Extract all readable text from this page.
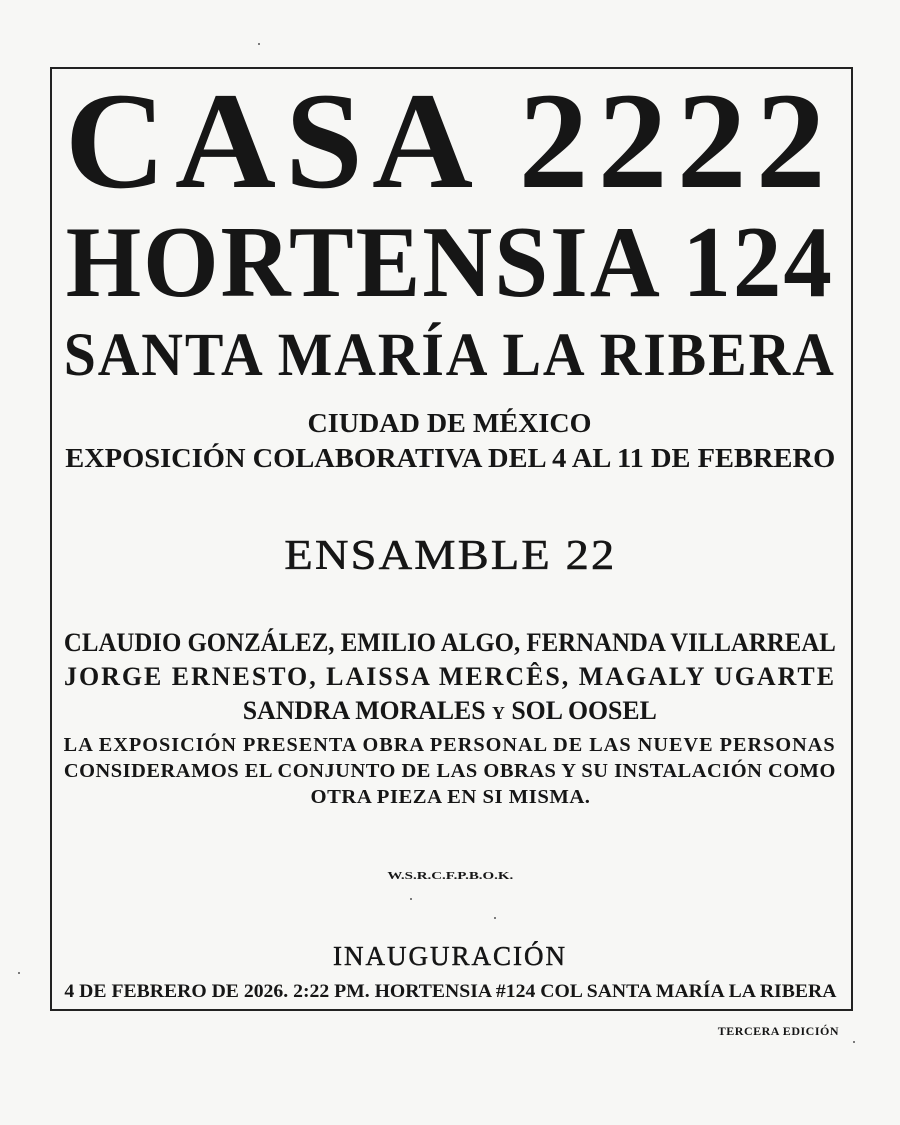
CASA 2222
HORTENSIA 124
SANTA MARÍA LA RIBERA
CIUDAD DE MÉXICO
EXPOSICIÓN COLABORATIVA DEL 4 AL 11 DE FEBRERO
ENSAMBLE 22
CLAUDIO GONZÁLEZ, EMILIO ALGO, FERNANDA VILLARREAL
JORGE ERNESTO, LAISSA MERCÊS, MAGALY UGARTE
SANDRA MORALES Y SOL OOSEL
LA EXPOSICIÓN PRESENTA OBRA PERSONAL DE LAS NUEVE PERSONAS
CONSIDERAMOS EL CONJUNTO DE LAS OBRAS Y SU INSTALACIÓN COMO
OTRA PIEZA EN SI MISMA.
W.S.R.C.F.P.B.O.K.
INAUGURACIÓN
4 DE FEBRERO DE 2026. 2:22 PM. HORTENSIA #124 COL SANTA MARÍA LA RIBERA
TERCERA EDICIÓN
